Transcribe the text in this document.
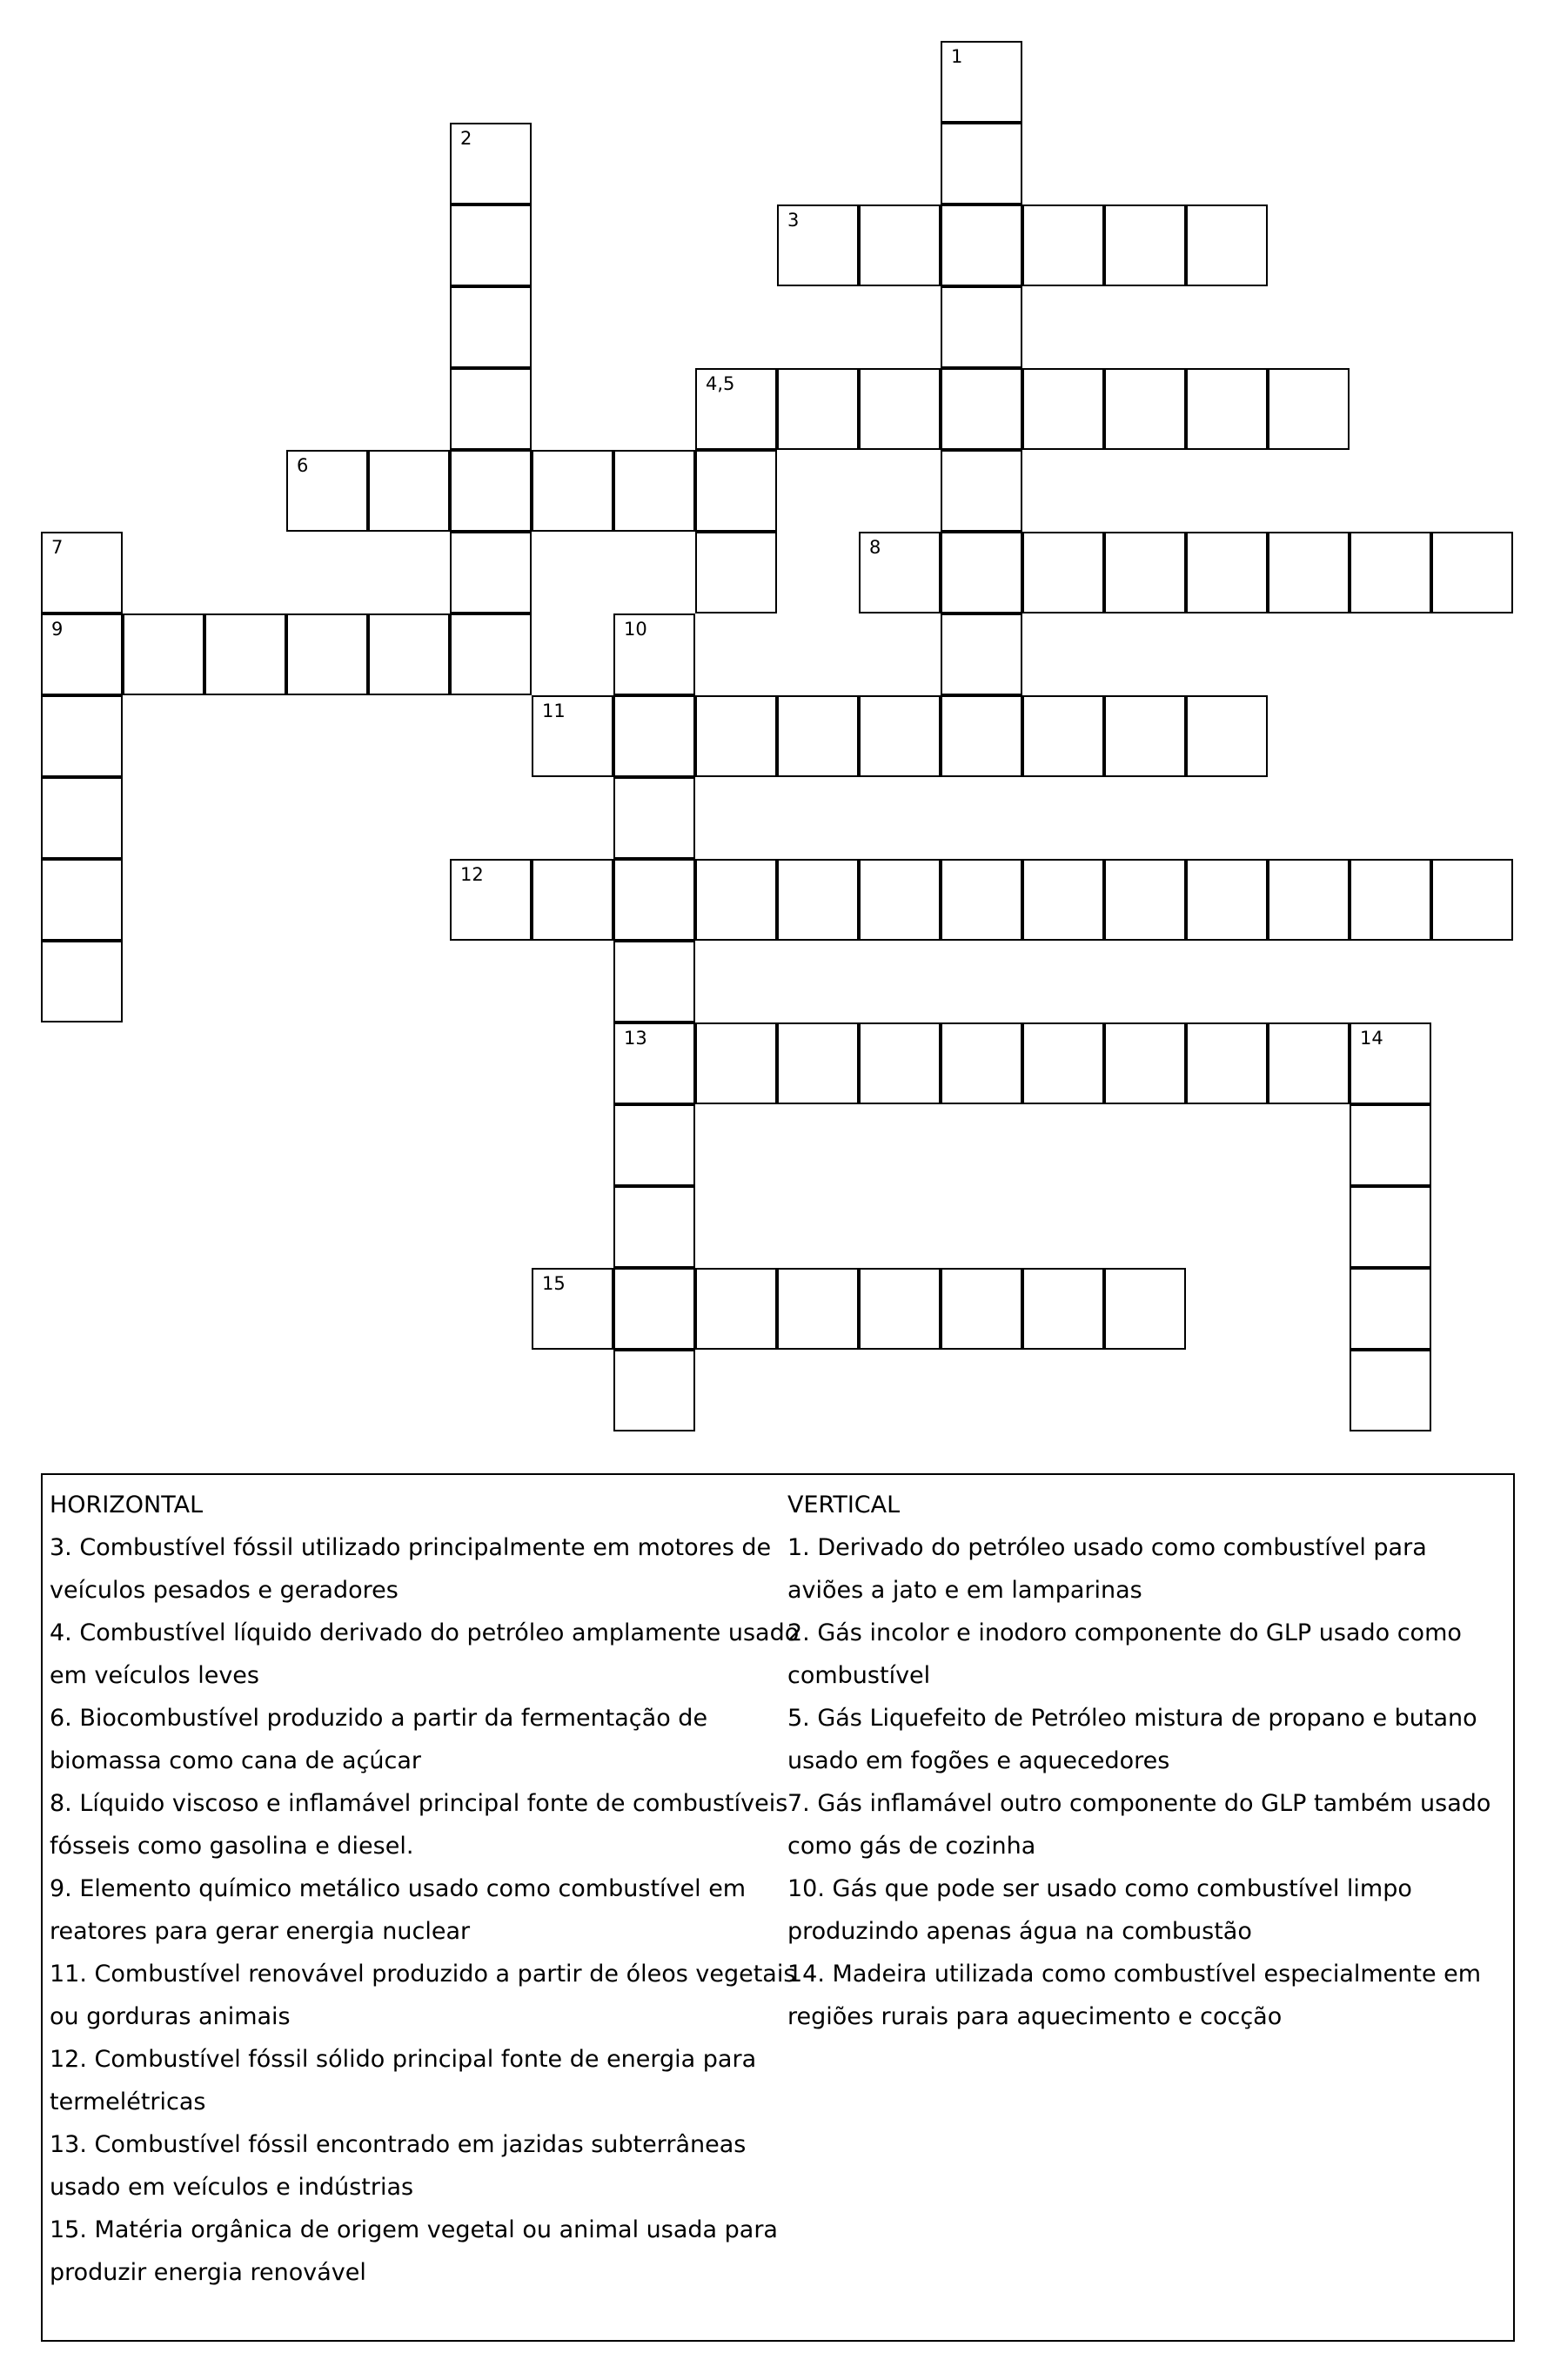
1
2
3
4,5
6
7	8
9	10
11
12
13	14
15

HORIZONTAL

3. Combustível fóssil utilizado principalmente em motores de veículos pesados e geradores

4. Combustível líquido derivado do petróleo amplamente usado em veículos leves

6. Biocombustível produzido a partir da fermentação de biomassa como cana de açúcar

8. Líquido viscoso e inflamável principal fonte de combustíveis fósseis como gasolina e diesel.

9. Elemento químico metálico usado como combustível em reatores para gerar energia nuclear

11. Combustível renovável produzido a partir de óleos vegetais ou gorduras animais

12. Combustível fóssil sólido principal fonte de energia para termelétricas

13. Combustível fóssil encontrado em jazidas subterrâneas usado em veículos e indústrias

15. Matéria orgânica de origem vegetal ou animal usada para produzir energia renovável

VERTICAL

1. Derivado do petróleo usado como combustível para aviões a jato e em lamparinas

2. Gás incolor e inodoro componente do GLP usado como combustível

5. Gás Liquefeito de Petróleo mistura de propano e butano usado em fogões e aquecedores

7. Gás inflamável outro componente do GLP também usado como gás de cozinha

10. Gás que pode ser usado como combustível limpo produzindo apenas água na combustão

14. Madeira utilizada como combustível especialmente em regiões rurais para aquecimento e cocção
